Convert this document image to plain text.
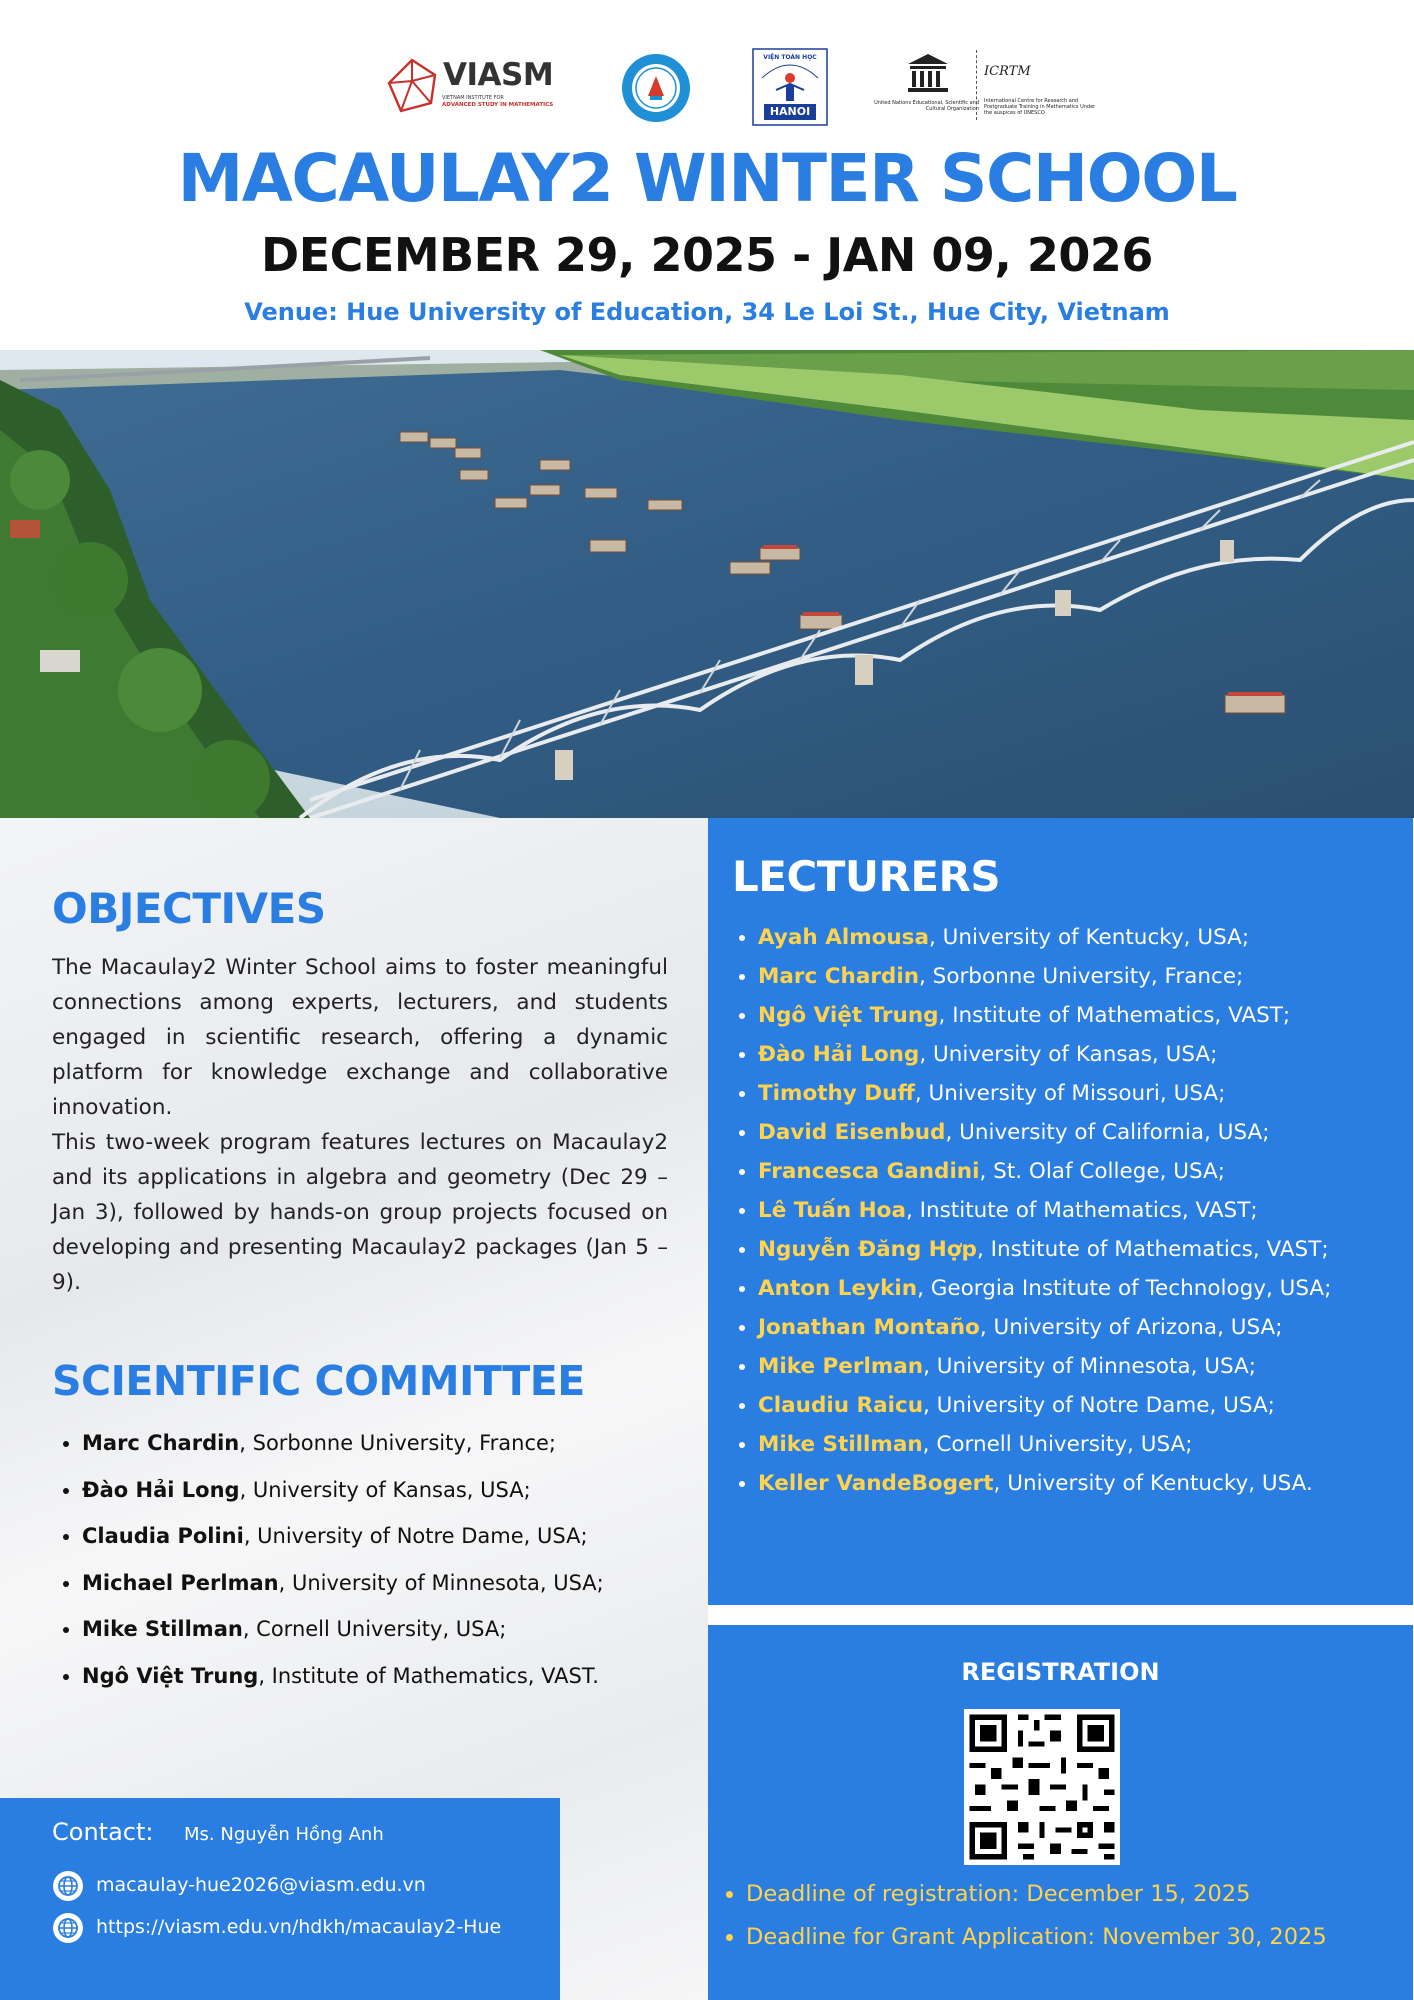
VIASM
VIETNAM INSTITUTE FOR
ADVANCED STUDY IN MATHEMATICS
VIỆN TOÁN HỌC
HANOI
United Nations Educational, Scientific and Cultural Organization
ICRTM
International Centre for Research and Postgraduate Training in Mathematics Under the auspices of UNESCO
MACAULAY2 WINTER SCHOOL
DECEMBER 29, 2025 - JAN 09, 2026
Venue: Hue University of Education, 34 Le Loi St., Hue City, Vietnam
OBJECTIVES

The Macaulay2 Winter School aims to foster meaningful connections among experts, lecturers, and students engaged in scientific research, offering a dynamic platform for knowledge exchange and collaborative innovation.

This two-week program features lectures on Macaulay2 and its applications in algebra and geometry (Dec 29 – Jan 3), followed by hands-on group projects focused on developing and presenting Macaulay2 packages (Jan 5 – 9).

SCIENTIFIC COMMITTEE
• Marc Chardin, Sorbonne University, France;
• Đào Hải Long, University of Kansas, USA;
• Claudia Polini, University of Notre Dame, USA;
• Michael Perlman, University of Minnesota, USA;
• Mike Stillman, Cornell University, USA;
• Ngô Việt Trung, Institute of Mathematics, VAST.
LECTURERS
• Ayah Almousa, University of Kentucky, USA;
• Marc Chardin, Sorbonne University, France;
• Ngô Việt Trung, Institute of Mathematics, VAST;
• Đào Hải Long, University of Kansas, USA;
• Timothy Duff, University of Missouri, USA;
• David Eisenbud, University of California, USA;
• Francesca Gandini, St. Olaf College, USA;
• Lê Tuấn Hoa, Institute of Mathematics, VAST;
• Nguyễn Đăng Hợp, Institute of Mathematics, VAST;
• Anton Leykin, Georgia Institute of Technology, USA;
• Jonathan Montaño, University of Arizona, USA;
• Mike Perlman, University of Minnesota, USA;
• Claudiu Raicu, University of Notre Dame, USA;
• Mike Stillman, Cornell University, USA;
• Keller VandeBogert, University of Kentucky, USA.
REGISTRATION
• Deadline of registration: December 15, 2025
• Deadline for Grant Application: November 30, 2025
Contact: Ms. Nguyễn Hồng Anh
macaulay-hue2026@viasm.edu.vn
https://viasm.edu.vn/hdkh/macaulay2-Hue
